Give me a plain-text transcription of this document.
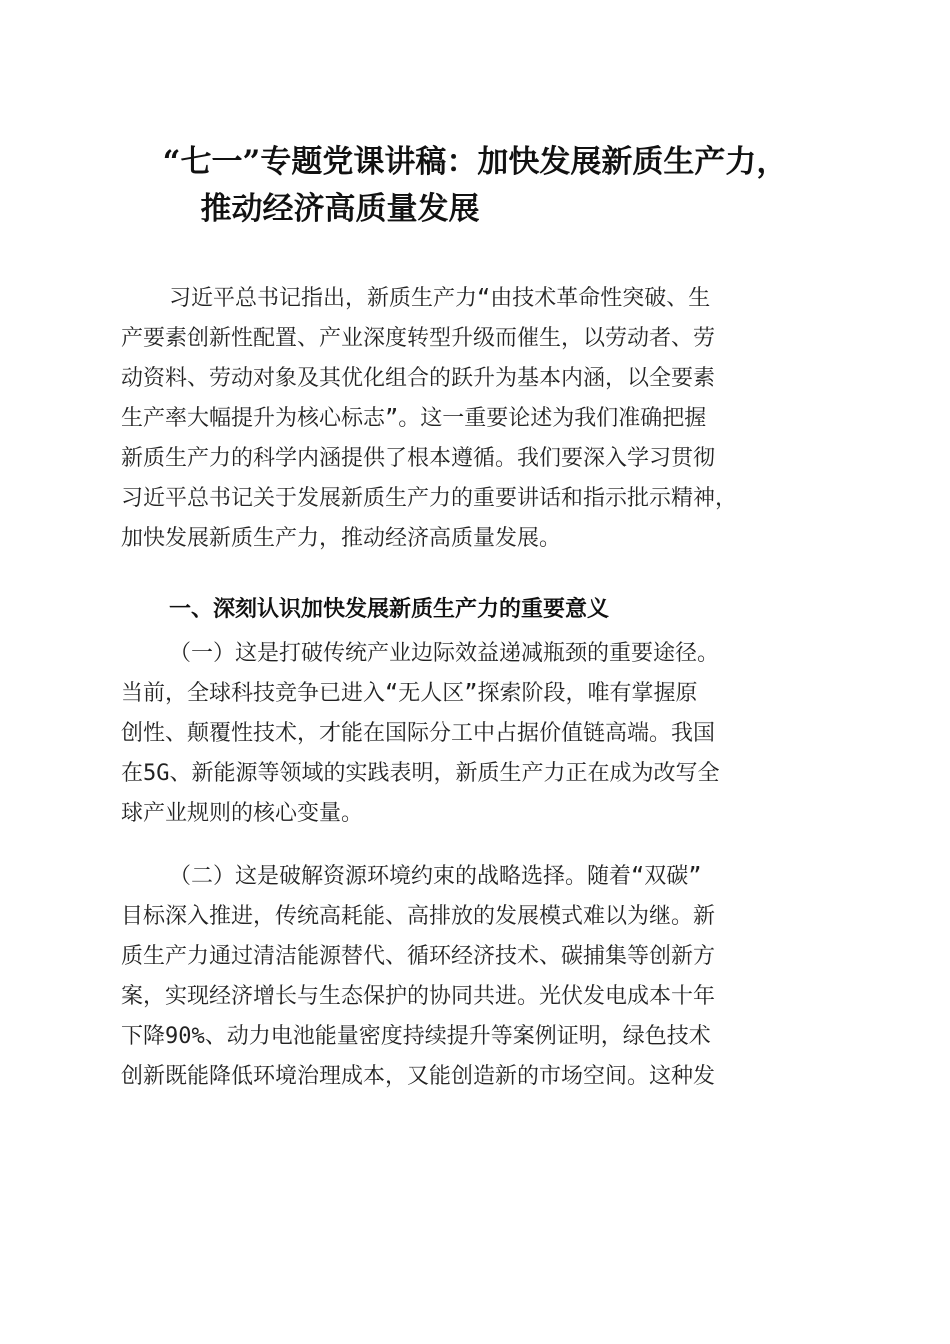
“七一”专题党课讲稿：加快发展新质生产力，
推动经济高质量发展
习近平总书记指出，新质生产力“由技术革命性突破、生
产要素创新性配置、产业深度转型升级而催生，以劳动者、劳
动资料、劳动对象及其优化组合的跃升为基本内涵，以全要素
生产率大幅提升为核心标志”。这一重要论述为我们准确把握
新质生产力的科学内涵提供了根本遵循。我们要深入学习贯彻
习近平总书记关于发展新质生产力的重要讲话和指示批示精神，
加快发展新质生产力，推动经济高质量发展。
一、深刻认识加快发展新质生产力的重要意义
（一）这是打破传统产业边际效益递减瓶颈的重要途径。
当前，全球科技竞争已进入“无人区”探索阶段，唯有掌握原
创性、颠覆性技术，才能在国际分工中占据价值链高端。我国
在5G、新能源等领域的实践表明，新质生产力正在成为改写全
球产业规则的核心变量。
（二）这是破解资源环境约束的战略选择。随着“双碳”
目标深入推进，传统高耗能、高排放的发展模式难以为继。新
质生产力通过清洁能源替代、循环经济技术、碳捕集等创新方
案，实现经济增长与生态保护的协同共进。光伏发电成本十年
下降90%、动力电池能量密度持续提升等案例证明，绿色技术
创新既能降低环境治理成本，又能创造新的市场空间。这种发
